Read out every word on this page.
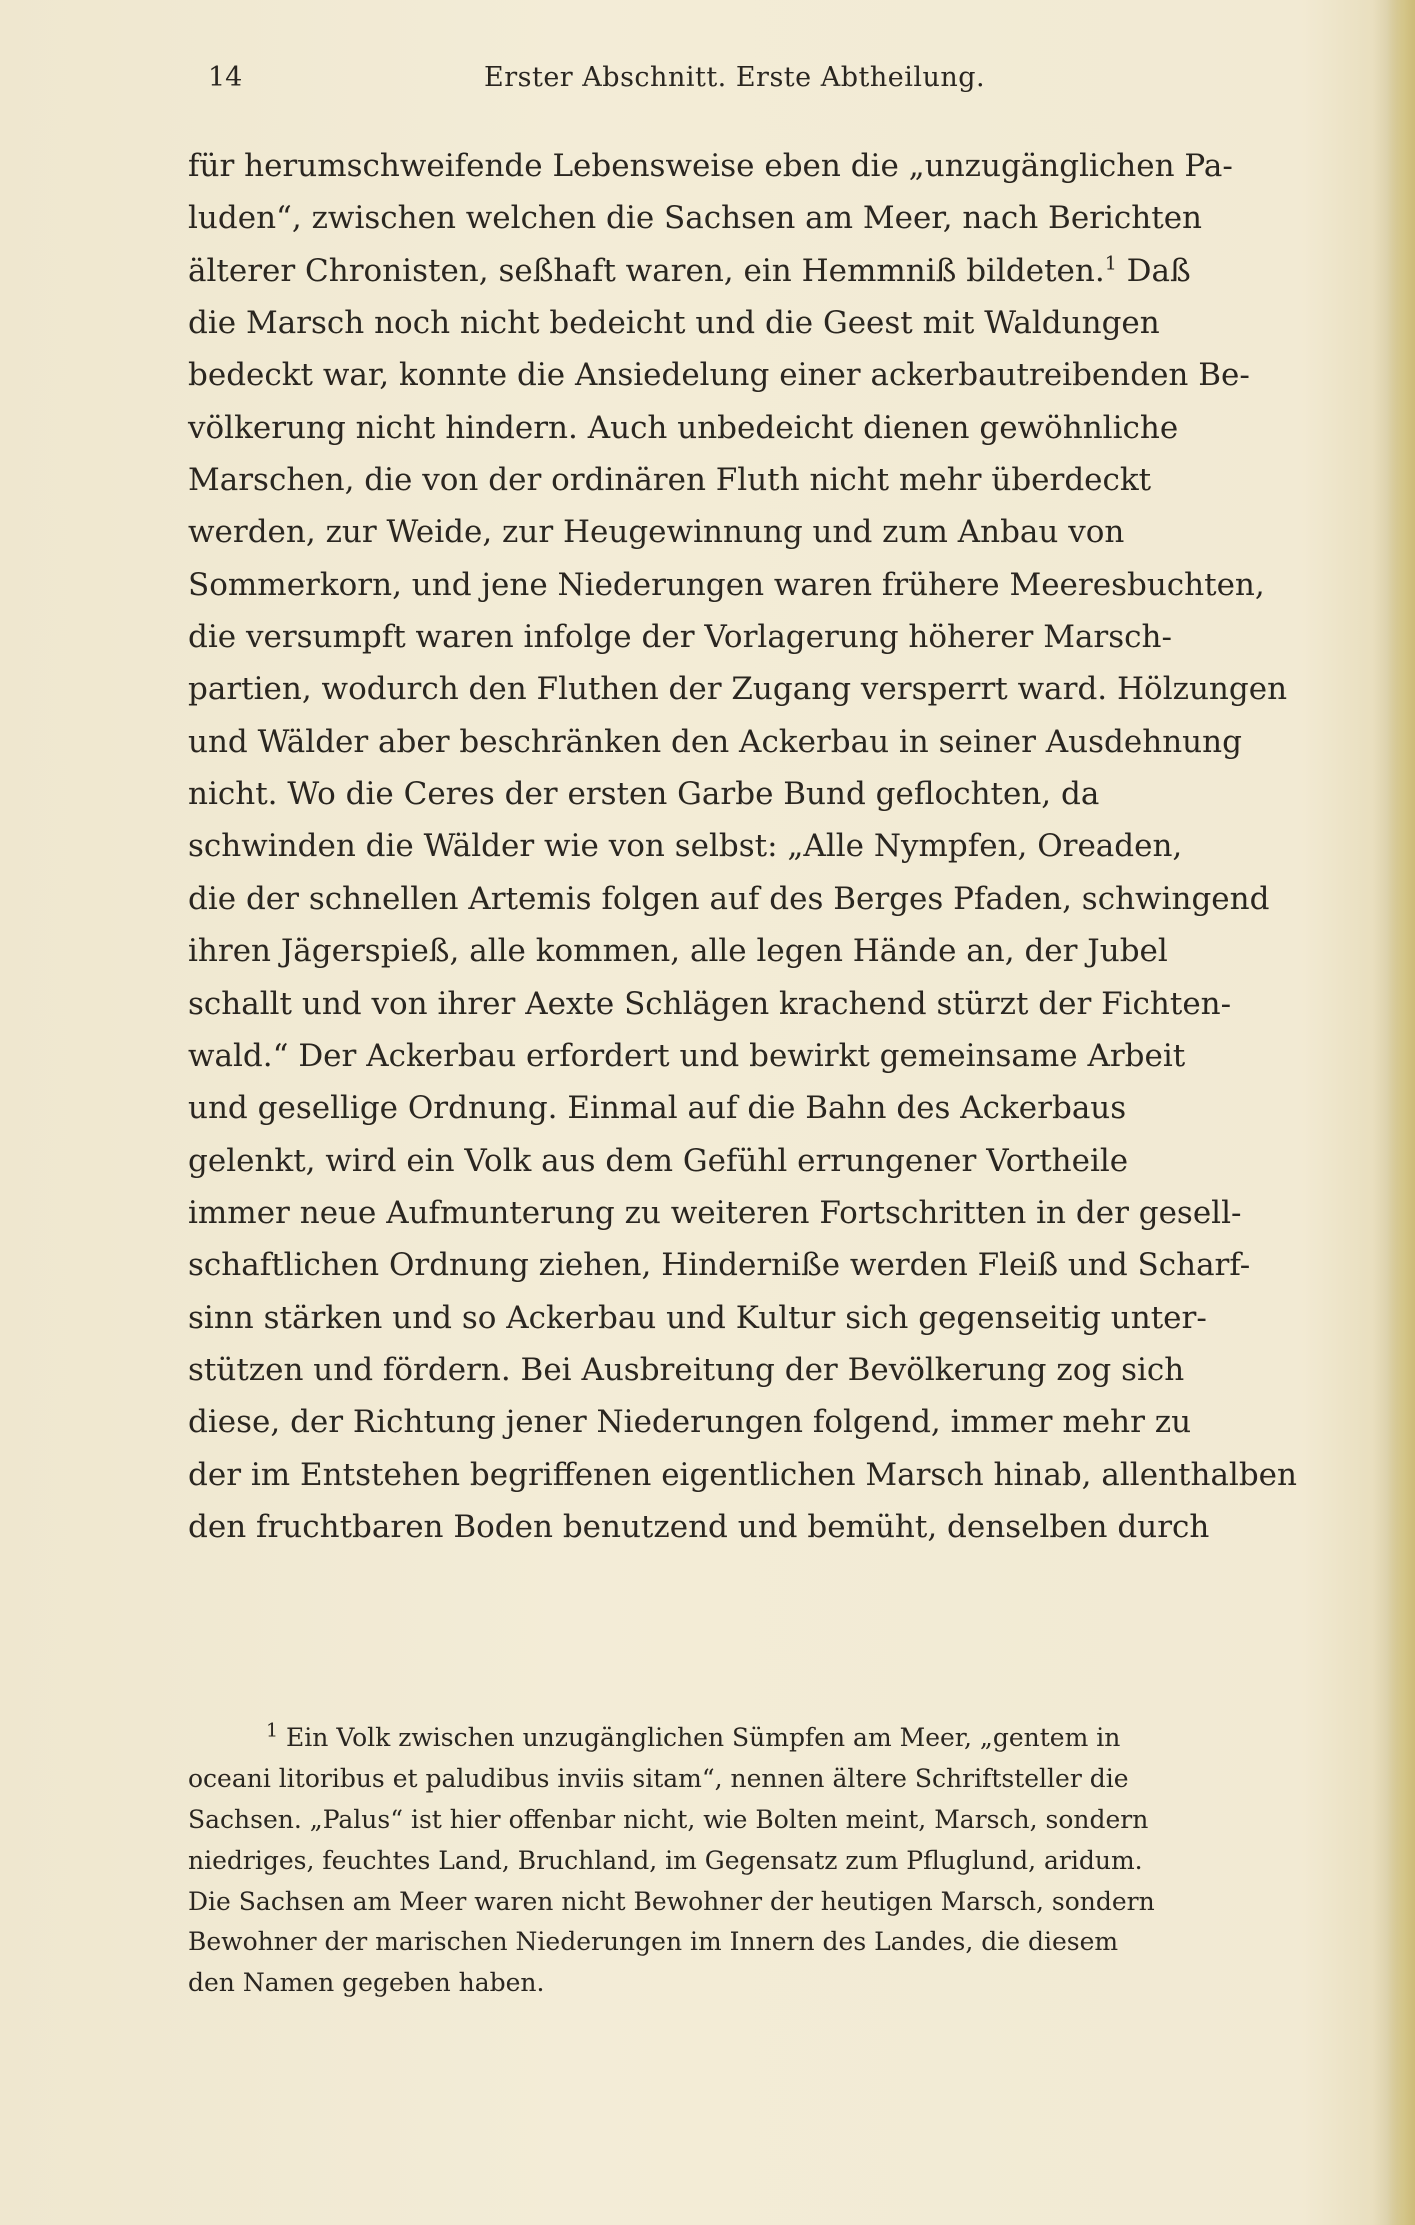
14	Erster Abschnitt. Erste Abtheilung.
für herumschweifende Lebensweise eben die „unzugänglichen Pa-
luden“, zwischen welchen die Sachsen am Meer, nach Berichten
älterer Chronisten, seßhaft waren, ein Hemmniß bildeten.$^1$ Daß
die Marsch noch nicht bedeicht und die Geest mit Waldungen
bedeckt war, konnte die Ansiedelung einer ackerbautreibenden Be-
völkerung nicht hindern. Auch unbedeicht dienen gewöhnliche
Marschen, die von der ordinären Fluth nicht mehr überdeckt
werden, zur Weide, zur Heugewinnung und zum Anbau von
Sommerkorn, und jene Niederungen waren frühere Meeresbuchten,
die versumpft waren infolge der Vorlagerung höherer Marsch-
partien, wodurch den Fluthen der Zugang versperrt ward. Hölzungen
und Wälder aber beschränken den Ackerbau in seiner Ausdehnung
nicht. Wo die Ceres der ersten Garbe Bund geflochten, da
schwinden die Wälder wie von selbst: „Alle Nympfen, Oreaden,
die der schnellen Artemis folgen auf des Berges Pfaden, schwingend
ihren Jägerspieß, alle kommen, alle legen Hände an, der Jubel
schallt und von ihrer Aexte Schlägen krachend stürzt der Fichten-
wald.“ Der Ackerbau erfordert und bewirkt gemeinsame Arbeit
und gesellige Ordnung. Einmal auf die Bahn des Ackerbaus
gelenkt, wird ein Volk aus dem Gefühl errungener Vortheile
immer neue Aufmunterung zu weiteren Fortschritten in der gesell-
schaftlichen Ordnung ziehen, Hinderniße werden Fleiß und Scharf-
sinn stärken und so Ackerbau und Kultur sich gegenseitig unter-
stützen und fördern. Bei Ausbreitung der Bevölkerung zog sich
diese, der Richtung jener Niederungen folgend, immer mehr zu
der im Entstehen begriffenen eigentlichen Marsch hinab, allenthalben
den fruchtbaren Boden benutzend und bemüht, denselben durch
$^1$ Ein Volk zwischen unzugänglichen Sümpfen am Meer, „gentem in
oceani litoribus et paludibus inviis sitam“, nennen ältere Schriftsteller die
Sachsen. „Palus“ ist hier offenbar nicht, wie Bolten meint, Marsch, sondern
niedriges, feuchtes Land, Bruchland, im Gegensatz zum Pfluglund, aridum.
Die Sachsen am Meer waren nicht Bewohner der heutigen Marsch, sondern
Bewohner der marischen Niederungen im Innern des Landes, die diesem
den Namen gegeben haben.
